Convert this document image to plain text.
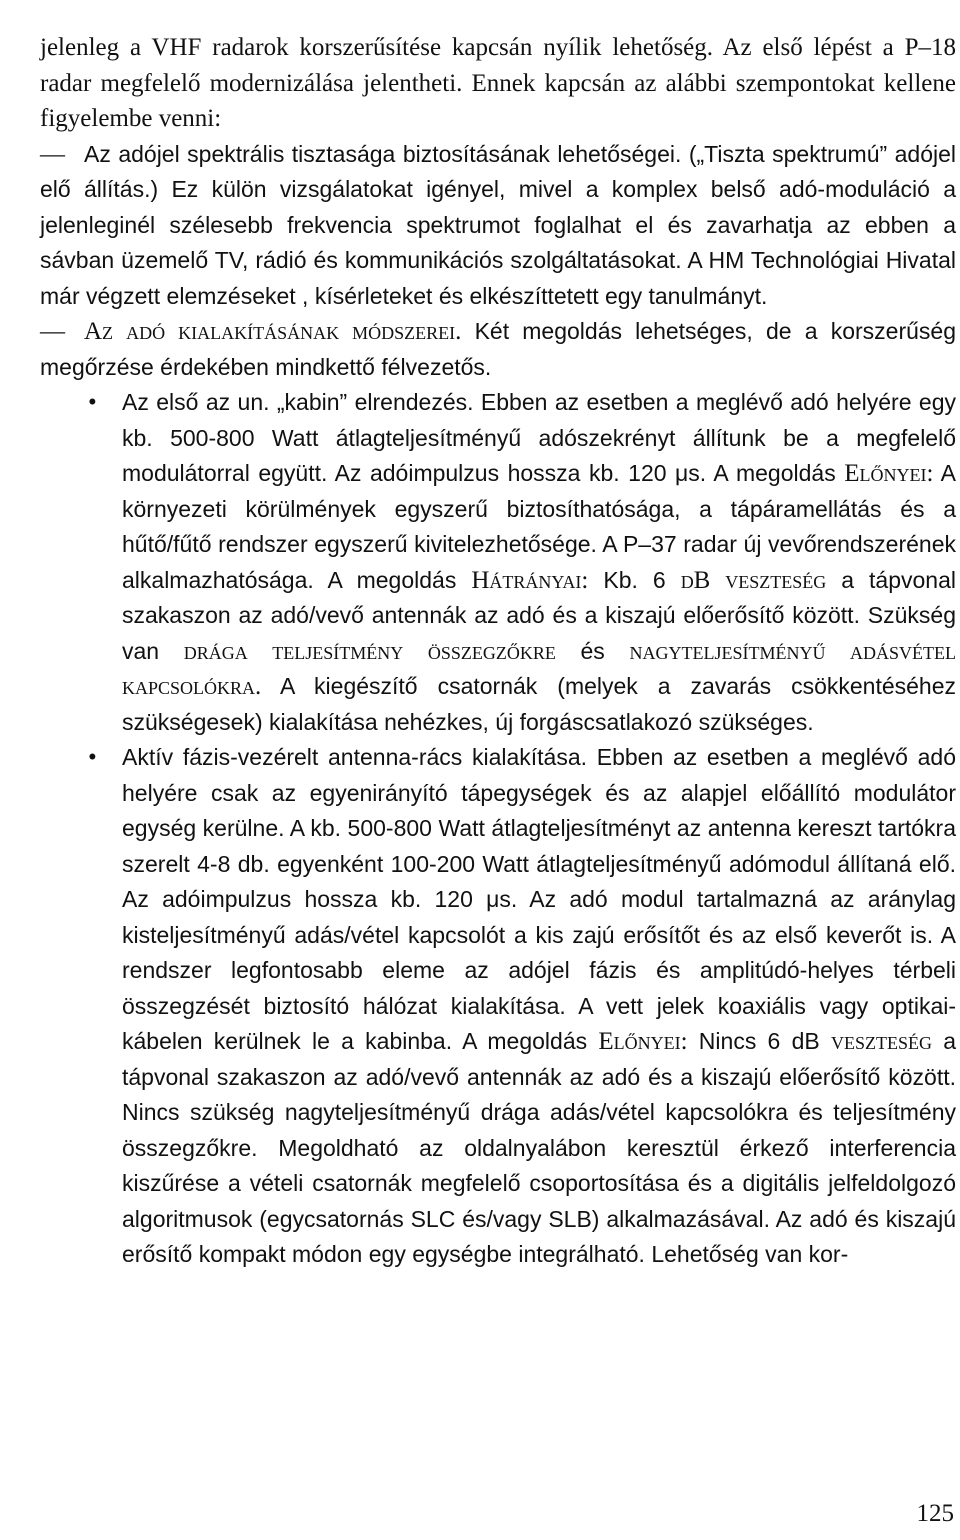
jelenleg a VHF radarok korszerűsítése kapcsán nyílik lehetőség. Az első lépést a P–18 radar megfelelő modernizálása jelentheti. Ennek kapcsán az alábbi szempontokat kellene figyelembe venni:

— Az adójel spektrális tisztasága biztosításának lehetőségei. („Tiszta spektrumú” adójel elő állítás.) Ez külön vizsgálatokat igényel, mivel a komplex belső adó-moduláció a jelenleginél szélesebb frekvencia spektrumot foglalhat el és zavarhatja az ebben a sávban üzemelő TV, rádió és kommunikációs szolgáltatásokat. A HM Technológiai Hivatal már végzett elemzéseket , kísérleteket és elkészíttetett egy tanulmányt.

— Az adó kialakításának módszerei. Két megoldás lehetséges, de a korszerűség megőrzése érdekében mindkettő félvezetős.

• Az első az un. „kabin” elrendezés. Ebben az esetben a meglévő adó helyére egy kb. 500-800 Watt átlagteljesítményű adószekrényt állítunk be a megfelelő modulátorral együtt. Az adóimpulzus hossza kb. 120 μs. A megoldás Előnyei: A környezeti körülmények egyszerű biztosíthatósága, a tápáramellátás és a hűtő/fűtő rendszer egyszerű kivitelezhetősége. A P–37 radar új vevőrendszerének alkalmazhatósága. A megoldás Hátrányai: Kb. 6 dB veszteség a tápvonal szakaszon az adó/vevő antennák az adó és a kiszajú előerősítő között. Szükség van drága teljesítmény összegzőkre és nagyteljesítményű adásvétel kapcsolókra. A kiegészítő csatornák (melyek a zavarás csökkentéséhez szükségesek) kialakítása nehézkes, új forgáscsatlakozó szükséges.

• Aktív fázis-vezérelt antenna-rács kialakítása. Ebben az esetben a meglévő adó helyére csak az egyenirányító tápegységek és az alapjel előállító modulátor egység kerülne. A kb. 500-800 Watt átlagteljesítményt az antenna kereszt tartókra szerelt 4-8 db. egyenként 100-200 Watt átlagteljesítményű adómodul állítaná elő. Az adóimpulzus hossza kb. 120 μs. Az adó modul tartalmazná az aránylag kisteljesítményű adás/vétel kapcsolót a kis zajú erősítőt és az első keverőt is. A rendszer legfontosabb eleme az adójel fázis és amplitúdó-helyes térbeli összegzését biztosító hálózat kialakítása. A vett jelek koaxiális vagy optikai-kábelen kerülnek le a kabinba. A megoldás Előnyei: Nincs 6 dB veszteség a tápvonal szakaszon az adó/vevő antennák az adó és a kiszajú előerősítő között. Nincs szükség nagyteljesítményű drága adás/vétel kapcsolókra és teljesítmény összegzőkre. Megoldható az oldalnyalábon keresztül érkező interferencia kiszűrése a vételi csatornák megfelelő csoportosítása és a digitális jelfeldolgozó algoritmusok (egycsatornás SLC és/vagy SLB) alkalmazásával. Az adó és kiszajú erősítő kompakt módon egy egységbe integrálható. Lehetőség van kor-

125
